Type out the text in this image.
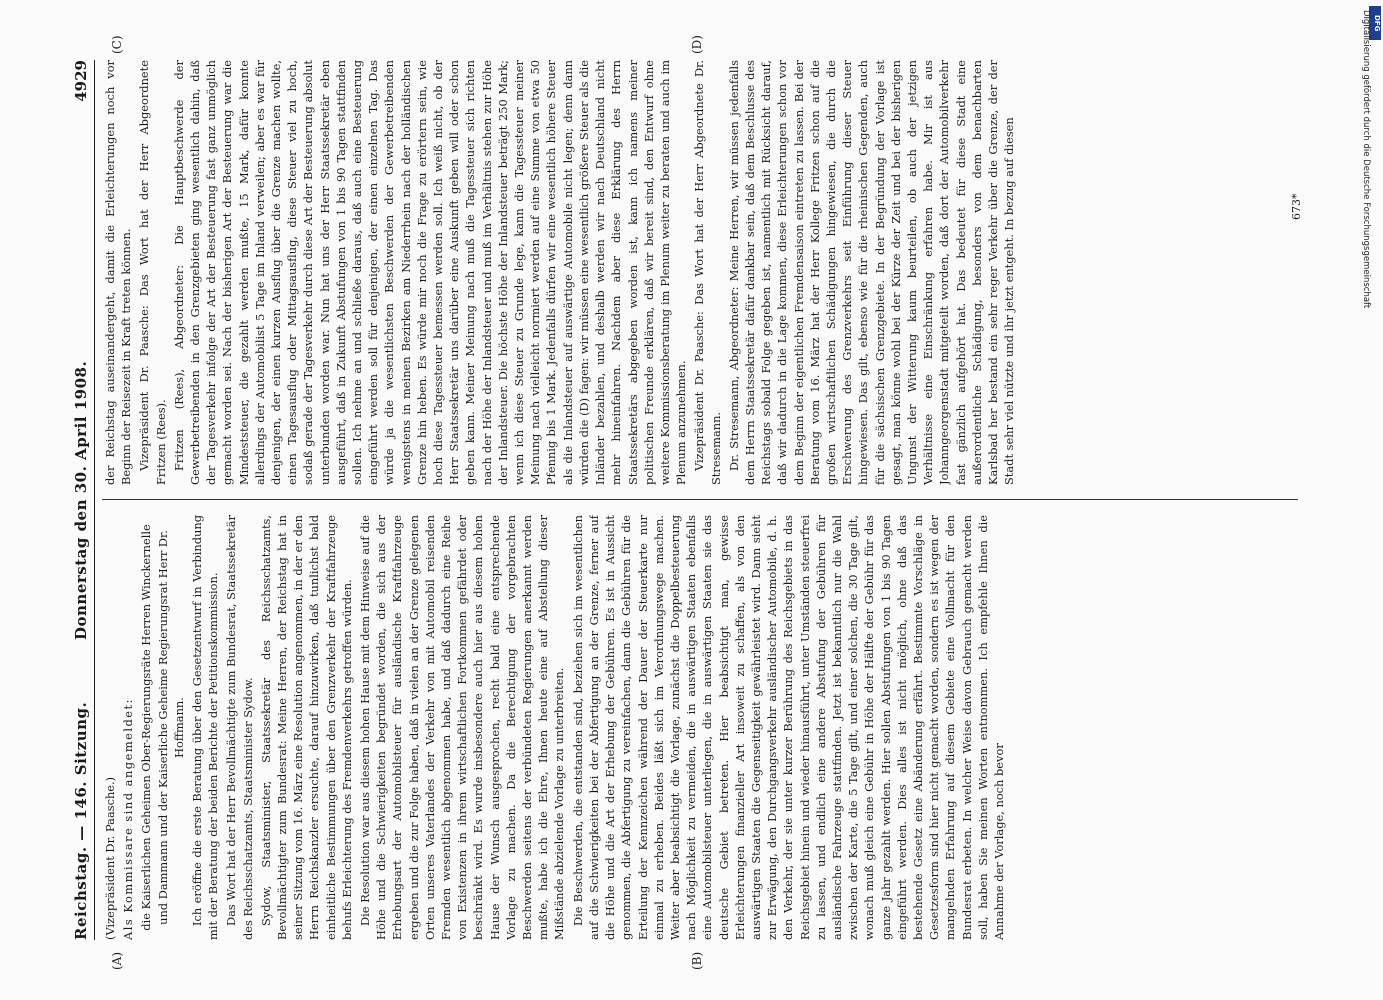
Reichstag. — 146. Sitzung.
Donnerstag den 30. April 1908.
4929
(A)	(B)
(C)	(D)

(Vizepräsident Dr. Paasche.) Als Kommissare sind angemeldet: die Kaiserlichen Geheimen Ober-Regierungsräte Herren Winckernelle und Dammann und der Kaiserliche Geheime Regierungsrat Herr Dr. Hoffmann. Ich eröffne die erste Beratung über den Gesetzentwurf in Verbindung mit der Beratung der beiden Berichte der Petitionskommission. Das Wort hat der Herr Bevollmächtigte zum Bundesrat, Staatssekretär des Reichsschatzamts, Staatsminister Sydow. Sydow, Staatsminister, Staatssekretär des Reichsschatzamts, Bevollmächtigter zum Bundesrat: Meine Herren, der Reichstag hat in seiner Sitzung vom 16. März eine Resolution angenommen, in der er den Herrn Reichskanzler ersuchte, darauf hinzuwirken, daß tunlichst bald einheitliche Bestimmungen über den Grenzverkehr der Kraftfahrzeuge behufs Erleichterung des Fremdenverkehrs getroffen würden. Die Resolution war aus diesem hohen Hause mit dem Hinweise auf die Höhe und die Schwierigkeiten begründet worden, die sich aus der Erhebungsart der Automobilsteuer für ausländische Kraftfahrzeuge ergeben und die zur Folge haben, daß in vielen an der Grenze gelegenen Orten unseres Vaterlandes der Verkehr von mit Automobil reisenden Fremden wesentlich abgenommen habe, und daß dadurch eine Reihe von Existenzen in ihrem wirtschaftlichen Fortkommen gefährdet oder beschränkt wird. Es wurde insbesondere auch hier aus diesem hohen Hause der Wunsch ausgesprochen, recht bald eine entsprechende Vorlage zu machen. Da die Berechtigung der vorgebrachten Beschwerden seitens der verbündeten Regierungen anerkannt werden mußte, habe ich die Ehre, Ihnen heute eine auf Abstellung dieser Mißstände abzielende Vorlage zu unterbreiten. Die Beschwerden, die entstanden sind, beziehen sich im wesentlichen auf die Schwierigkeiten bei der Abfertigung an der Grenze, ferner auf die Höhe und die Art der Erhebung der Gebühren. Es ist in Aussicht genommen, die Abfertigung zu vereinfachen, dann die Gebühren für die Erteilung der Kennzeichen während der Dauer der Steuerkarte nur einmal zu erheben. Beides läßt sich im Verordnungswege machen. Weiter aber beabsichtigt die Vorlage, zunächst die Doppelbesteuerung nach Möglichkeit zu vermeiden, die in auswärtigen Staaten ebenfalls eine Automobilsteuer unterliegen, die in auswärtigen Staaten sie das deutsche Gebiet betreten. Hier beabsichtigt man, gewisse Erleichterungen finanzieller Art insoweit zu schaffen, als von den auswärtigen Staaten die Gegenseitigkeit gewährleistet wird. Dann sieht zur Erwägung, den Durchgangsverkehr ausländischer Automobile, d. h. den Verkehr, der sie unter kurzer Berührung des Reichsgebiets in das Reichsgebiet hinein und wieder hinausführt, unter Umständen steuerfrei zu lassen, und endlich eine andere Abstufung der Gebühren für ausländische Fahrzeuge stattfinden. Jetzt ist bekanntlich nur die Wahl zwischen der Karte, die 5 Tage gilt, und einer solchen, die 30 Tage gilt, wonach muß gleich eine Gebühr in Höhe der Hälfte der Gebühr für das ganze Jahr gezahlt werden. Hier sollen Abstufungen von 1 bis 90 Tagen eingeführt werden. Dies alles ist nicht möglich, ohne daß das bestehende Gesetz eine Abänderung erfährt. Bestimmte Vorschläge in Gesetzesform sind hier nicht gemacht worden, sondern es ist wegen der mangelnden Erfahrung auf diesem Gebiete eine Vollmacht für den Bundesrat erbeten. In welcher Weise davon Gebrauch gemacht werden soll, haben Sie meinen Worten entnommen. Ich empfehle Ihnen die Annahme der Vorlage, noch bevor

der Reichstag auseinandergeht, damit die Erleichterungen noch vor Beginn der Reisezeit in Kraft treten können. Vizepräsident Dr. Paasche: Das Wort hat der Herr Abgeordnete Fritzen (Rees). Fritzen (Rees), Abgeordneter: Die Hauptbeschwerde der Gewerbetreibenden in den Grenzgebieten ging wesentlich dahin, daß der Tagesverkehr infolge der Art der Besteuerung fast ganz unmöglich gemacht worden sei. Nach der bisherigen Art der Besteuerung war die Mindeststeuer, die gezahlt werden mußte, 15 Mark, dafür konnte allerdings der Automobilist 5 Tage im Inland verweilen; aber es war für denjenigen, der einen kurzen Ausflug über die Grenze machen wollte, einen Tagesausflug oder Mittagsausflug, diese Steuer viel zu hoch, sodaß gerade der Tagesverkehr durch diese Art der Besteuerung absolut unterbunden worden war. Nun hat uns der Herr Staatssekretär eben ausgeführt, daß in Zukunft Abstufungen von 1 bis 90 Tagen stattfinden sollen. Ich nehme an und schließe daraus, daß auch eine Besteuerung eingeführt werden soll für denjenigen, der einen einzelnen Tag. Das würde ja die wesentlichsten Beschwerden der Gewerbetreibenden wenigstens in meinen Bezirken am Niederrhein nach der holländischen Grenze hin heben. Es würde mir noch die Frage zu erörtern sein, wie hoch diese Tagessteuer bemessen werden soll. Ich weiß nicht, ob der Herr Staatssekretär uns darüber eine Auskunft geben will oder schon geben kann. Meiner Meinung nach muß die Tagessteuer sich richten nach der Höhe der Inlandsteuer und muß im Verhältnis stehen zur Höhe der Inlandsteuer. Die höchste Höhe der Inlandsteuer beträgt 250 Mark; wenn ich diese Steuer zu Grunde lege, kann die Tagessteuer meiner Meinung nach vielleicht normiert werden auf eine Summe von etwa 50 Pfennig bis 1 Mark. Jedenfalls dürfen wir eine wesentlich höhere Steuer als die Inlandsteuer auf auswärtige Automobile nicht legen; denn dann würden die (D) fagen: wir müssen eine wesentlich größere Steuer als die Inländer bezahlen, und deshalb werden wir nach Deutschland nicht mehr hineinfahren. Nachdem aber diese Erklärung des Herrn Staatssekretärs abgegeben worden ist, kann ich namens meiner politischen Freunde erklären, daß wir bereit sind, den Entwurf ohne weitere Kommissionsberatung im Plenum weiter zu beraten und auch im Plenum anzunehmen. Vizepräsident Dr. Paasche: Das Wort hat der Herr Abgeordnete Dr. Stresemann. Dr. Stresemann, Abgeordneter: Meine Herren, wir müssen jedenfalls dem Herrn Staatssekretär dafür dankbar sein, daß dem Beschlusse des Reichstags sobald Folge gegeben ist, namentlich mit Rücksicht darauf, daß wir dadurch in die Lage kommen, diese Erleichterungen schon vor dem Beginn der eigentlichen Fremdensaison eintreten zu lassen. Bei der Beratung vom 16. März hat der Herr Kollege Fritzen schon auf die großen wirtschaftlichen Schädigungen hingewiesen, die durch die Erschwerung des Grenzverkehrs seit Einführung dieser Steuer hingewiesen. Das gilt, ebenso wie für die rheinischen Gegenden, auch für die sächsischen Grenzgebiete. In der Begründung der Vorlage ist gesagt, man könne wohl bei der Kürze der Zeit und bei der bisherigen Ungunst der Witterung kaum beurteilen, ob auch der jetzigen Verhältnisse eine Einschränkung erfahren habe. Mir ist aus Johanngeorgenstadt mitgeteilt worden, daß dort der Automobilverkehr fast gänzlich aufgehört hat. Das bedeutet für diese Stadt eine außerordentliche Schädigung, besonders von dem benachbarten Karlsbad her bestand ein sehr reger Verkehr über die Grenze, der der Stadt sehr viel nützte und ihr jetzt entgeht. In bezug auf diesen	673*
DFG
Digitalisierung gefördert durch die Deutsche Forschungsgemeinschaft
